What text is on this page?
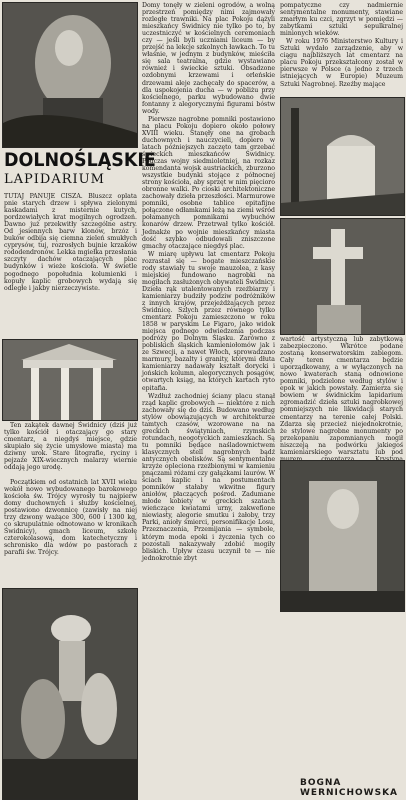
DOLNOŚLĄSKIE
LAPIDARIUM

TUTAJ PANUJE CISZA. Bluszcz oplata pnie starych drzew i spływa zielonymi kaskadami z misternie kutych, pordzewiałych krat mogilnych ogrodzeń. Dawno już przekwitły szczególne astry. Od jesiennych barw klonów, brzóz i buków odbija się ciemna zieleń smukłych cyprysów, tuj, rozrosłych bujnie krzaków rododendronów. Lekka mgiełka przesłania szczyty dachów otaczających plac budynków i wieże kościoła. W świetle pogodnego popołudnia kolumienki i kopuły kaplic grobowych wydają się odległe i jakby nierzeczywiste.

Ten zakątek dawnej Świdnicy (dziś już tylko kościół i otaczający go stary cmentarz, a niegdyś miejsce, gdzie skupiało się życie umysłowe miasta) ma dziwny urok. Stare litografie, ryciny i pejzaże XIX-wiecznych malarzy wiernie oddają jego urodę.

Początkiem od ostatnich lat XVII wieku wokół nowo wybudowanego barokowego kościoła św. Trójcy wyrosły tu najpierw domy duchownych i służby kościelnej, postawiono dzwonnicę (zawisły na niej trzy dzwony ważące 300, 600 i 1300 kg, co skrupulatnie odnotowano w kronikach Świdnicy), gmach liceum, szkołę czterokolasową, dom katechetyczny i schronisko dla wdów po pastorach z parafii św. Trójcy.

Domy tonęły w zieleni ogrodów, a wolną przestrzeń pomiędzy nimi zajmowały rozległe trawniki. Na plac Pokoju dążyli mieszkańcy Świdnicy nie tylko po to, by uczestniczyć w kościelnych ceremoniach czy — jeśli byli uczniami liceum — by przejść na lekcje szkolnych ławkach. To tu właśnie, w jednym z budynków, mieściła się sala teatralna, gdzie wystawiano również i świeckie sztuki. Obsadzone ozdobnymi krzewami i orleńskie drzewami aleje zachęcały do spacerów, a dla uspokojenia ducha — w pobliżu przy kościelnego, parku wybudowano dwie fontanny z alegorycznymi figurami bóstw wody.

Pierwsze nagrobne pomniki postawiono na placu Pokoju dopiero około połowy XVIII wieku. Stanęły one na grobach duchownych i nauczycieli, dopiero w latach późniejszych zaczęto tam grzebać świeckich mieszkańców Świdnicy. Podczas wojny siedmioletniej, na rozkaz komendanta wojsk austriackich, zburzono wszystkie budynki stojące z północnej strony kościoła, aby sprzęt w nim pięcioro obronne walki. Po cioski architektoniczne zachowały dzieła przeszłości. Marmurowe pomniki, osobne tablice epitafijne połączone odłamkami leżą na ziemi wśród połamanych pomnikami wybuchów konarów drzew. Przetrwał tylko kościół. Jednakże po wojnie mieszkańcy miasta dość szybko odbudowali zniszczone gmachy otaczające niegdyś plac.

W miarę upływu lat cmentarz Pokoju rozrastał się — bogate mieszczańskie rody stawiały tu swoje mauzolea, z kasy miejskiej fundowano nagrobki na mogiłach zasłużonych obywateli Świdnicy. Dzieła rąk utalentowanych rzeźbiarzy i kamieniarzy budziły podziw podróżników z innych krajów, przejeżdżających przez Świdnicę. Szlych przez równego tylko cmentarz Pokoju zamieszczono w roku 1858 w paryskim Le Figaro, jako widok miejsca godnego odwiedzenia podczas podróży po Dolnym Śląsku. Zarówno z pobliskich śląskich kamieniołomów jak i ze Szwecji, a nawet Włoch, sprowadzano marmury, bazalty i granity, którymi dłuta kamieniarzy nadawały kształt dorycki i jońskich kolumn, alegorycznych posągów, otwartych ksiąg, na których kartach ryto epitafia.

Wzdłuż zachodniej ściany placu stanął rząd kaplic grobowych — niektóre z nich zachowały się do dziś. Budowano według stylów obowiązujących w architekturze tamtych czasów, wzorowane na na greckich świątyniach, rzymskich rotundach, neogotyckich zamieszkach. Są tu pomniki będące naśladownictwem klasycznych stell nagrobnych bądź antycznych obelisków. Są sentymentalne krzyże opleciona rzeźbionymi w kamieniu pnączami różami czy gałązkami laurów. W ściach kaplic i na postumentach pomników stałaby wkwitne figury aniołów, płaczących pośrod. Zadumane młode kobiety w greckich szatach wieńczące kwiatami urny, zakwefione niewiasty, alegorie smutku i żałoby, trzy Parki, anioły śmierci, personifikacje Losu, Przeznaczenia, Przemijania — symbole, którym moda epoki i życzenia tych co pozostali nakazywały zdobić mogiły bliskich. Upływ czasu uczynił te — nie jednokrotnie zbyt

pompatyczne czy nadmiernie sentymentalne monumenty, stawiane zmarłym ku czci, zgrzyt w pomiędzi — zabytkami sztuki sepulkralnej minionych wieków.

W roku 1976 Ministerstwo Kultury i Sztuki wydało zarządzenie, aby w ciągu najbliższych lat cmentarz na placu Pokoju przekształcony został w pierwsze w Polsce (a jedno z trzech istniejących w Europie) Muzeum Sztuki Nagrobnej. Rzeźby mające

wartość artystyczną lub zabytkową zabezpieczono. Wkrótce podane zostaną konserwatorskim zabiegom. Cały teren cmentarza będzie uporządkowany, a w wyłączonych na nowo kwaterach staną odnowione pomniki, podzielone według stylów i epok w jakich powstały. Zamierza się bowiem w świdnickim lapidarium zgromadzić dzieła sztuki nagrobkowej pomniejszych nie likwidacji starych cmentarzy na terenie całej Polski. Zdarza się przecież niejednokrotnie, że stylowe nagrobne monumenty po przekopaniu zapomnianych mogił niszczeją na podwórku jakiegoś kamieniarskiego warsztatu lub pod

BOGNA WERNICHOWSKA
